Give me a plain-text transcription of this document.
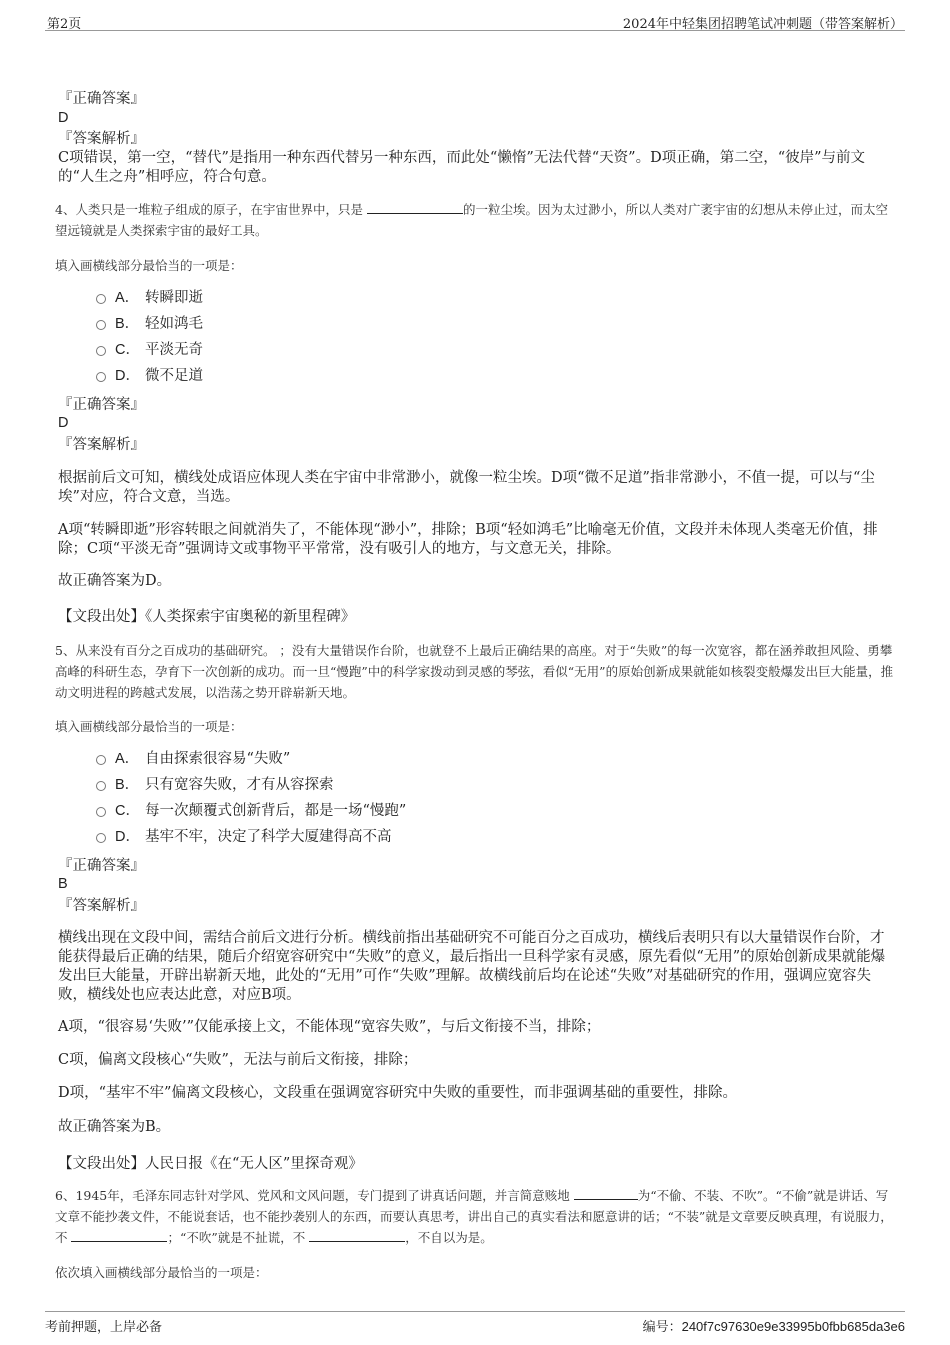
第2页	2024年中轻集团招聘笔试冲刺题（带答案解析）

『正确答案』

D

『答案解析』

C项错误，第一空，“替代”是指用一种东西代替另一种东西，而此处“懒惰”无法代替“天资”。D项正确，第二空，“彼岸”与前文的“人生之舟”相呼应，符合句意。

4、人类只是一堆粒子组成的原子，在宇宙世界中，只是	的一粒尘埃。因为太过渺小，所以人类对广袤宇宙的幻想从未停止过，而太空望远镜就是人类探索宇宙的最好工具。

填入画横线部分最恰当的一项是：

A． 转瞬即逝
B． 轻如鸿毛
C． 平淡无奇
D． 微不足道

『正确答案』

D

『答案解析』

根据前后文可知，横线处成语应体现人类在宇宙中非常渺小，就像一粒尘埃。D项“微不足道”指非常渺小，不值一提，可以与“尘埃”对应，符合文意，当选。

A项“转瞬即逝”形容转眼之间就消失了，不能体现“渺小”，排除；B项“轻如鸿毛”比喻毫无价值，文段并未体现人类毫无价值，排除；C项“平淡无奇”强调诗文或事物平平常常，没有吸引人的地方，与文意无关，排除。

故正确答案为D。

【文段出处】《人类探索宇宙奥秘的新里程碑》

5、从来没有百分之百成功的基础研究。 ；没有大量错误作台阶，也就登不上最后正确结果的高座。对于“失败”的每一次宽容，都在涵养敢担风险、勇攀高峰的科研生态，孕育下一次创新的成功。而一旦“慢跑”中的科学家拨动到灵感的琴弦，看似“无用”的原始创新成果就能如核裂变般爆发出巨大能量，推动文明进程的跨越式发展，以浩荡之势开辟崭新天地。

填入画横线部分最恰当的一项是：

A． 自由探索很容易“失败”
B． 只有宽容失败，才有从容探索
C． 每一次颠覆式创新背后，都是一场“慢跑”
D． 基牢不牢，决定了科学大厦建得高不高

『正确答案』

B

『答案解析』

横线出现在文段中间，需结合前后文进行分析。横线前指出基础研究不可能百分之百成功，横线后表明只有以大量错误作台阶，才能获得最后正确的结果，随后介绍宽容研究中“失败”的意义，最后指出一旦科学家有灵感，原先看似“无用”的原始创新成果就能爆发出巨大能量，开辟出崭新天地，此处的“无用”可作“失败”理解。故横线前后均在论述“失败”对基础研究的作用，强调应宽容失败，横线处也应表达此意，对应B项。

A项，“很容易‘失败’”仅能承接上文，不能体现“宽容失败”，与后文衔接不当，排除；

C项，偏离文段核心“失败”，无法与前后文衔接，排除；

D项，“基牢不牢”偏离文段核心，文段重在强调宽容研究中失败的重要性，而非强调基础的重要性，排除。

故正确答案为B。

【文段出处】人民日报《在“无人区”里探奇观》

6、1945年，毛泽东同志针对学风、党风和文风问题，专门提到了讲真话问题，并言简意赅地	为“不偷、不装、不吹”。“不偷”就是讲话、写文章不能抄袭文件，不能说套话，也不能抄袭别人的东西，而要认真思考，讲出自己的真实看法和愿意讲的话；“不装”就是文章要反映真理，有说服力，不	；“不吹”就是不扯谎，不	，不自以为是。

依次填入画横线部分最恰当的一项是：

考前押题，上岸必备	编号：240f7c97630e9e33995b0fbb685da3e6
